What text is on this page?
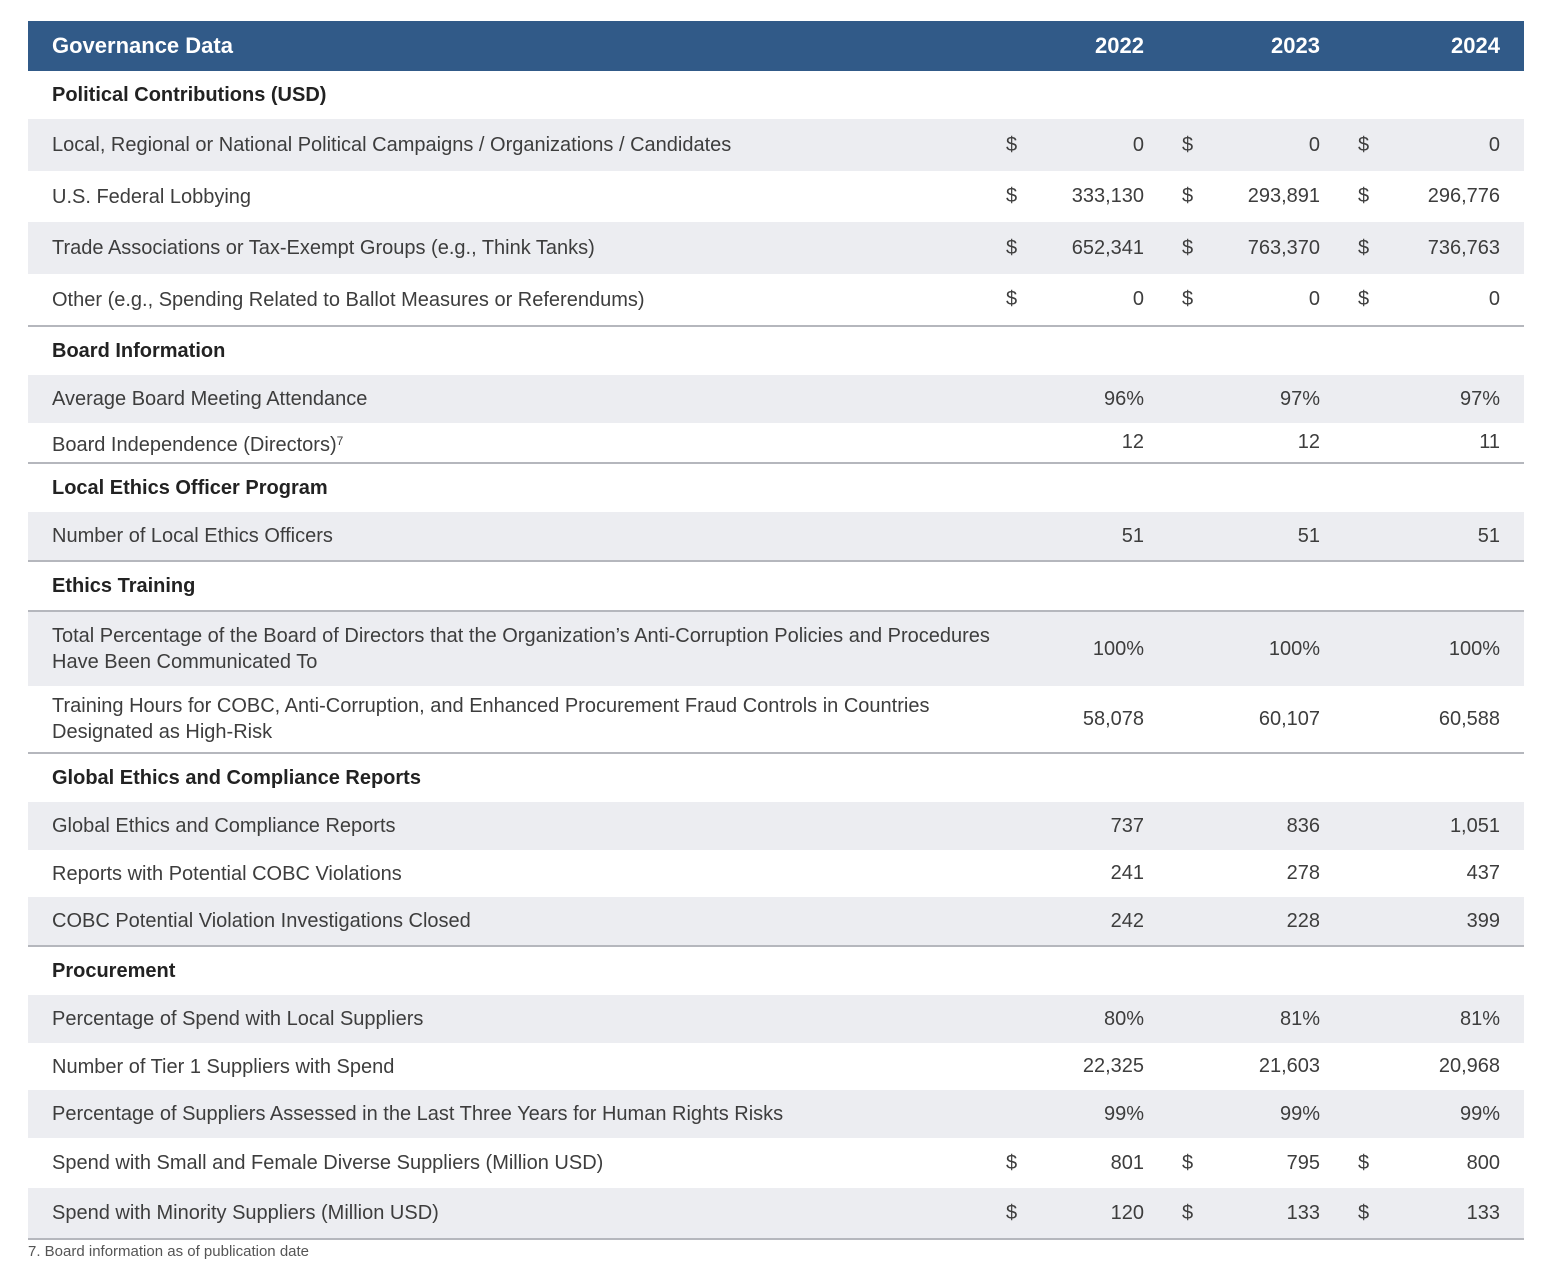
Governance Data	2022	2023	2024
Political Contributions (USD)
Local, Regional or National Political Campaigns / Organizations / Candidates	$	0	$	0	$	0
U.S. Federal Lobbying	$	333,130	$	293,891	$	296,776
Trade Associations or Tax-Exempt Groups (e.g., Think Tanks)	$	652,341	$	763,370	$	736,763
Other (e.g., Spending Related to Ballot Measures or Referendums)	$	0	$	0	$	0
Board Information
Average Board Meeting Attendance	96%	97%	97%
Board Independence (Directors)$^7$	12	12	11
Local Ethics Officer Program
Number of Local Ethics Officers	51	51	51
Ethics Training
Total Percentage of the Board of Directors that the Organization’s Anti-Corruption Policies and Procedures Have Been Communicated To
100%	100%	100%
Training Hours for COBC, Anti-Corruption, and Enhanced Procurement Fraud Controls in Countries Designated as High-Risk
58,078	60,107	60,588
Global Ethics and Compliance Reports
Global Ethics and Compliance Reports	737	836	1,051
Reports with Potential COBC Violations	241	278	437
COBC Potential Violation Investigations Closed	242	228	399
Procurement
Percentage of Spend with Local Suppliers	80%	81%	81%
Number of Tier 1 Suppliers with Spend	22,325	21,603	20,968
Percentage of Suppliers Assessed in the Last Three Years for Human Rights Risks	99%	99%	99%
Spend with Small and Female Diverse Suppliers (Million USD)	$	801	$	795	$	800
Spend with Minority Suppliers (Million USD)	$	120	$	133	$	133
7. Board information as of publication date
